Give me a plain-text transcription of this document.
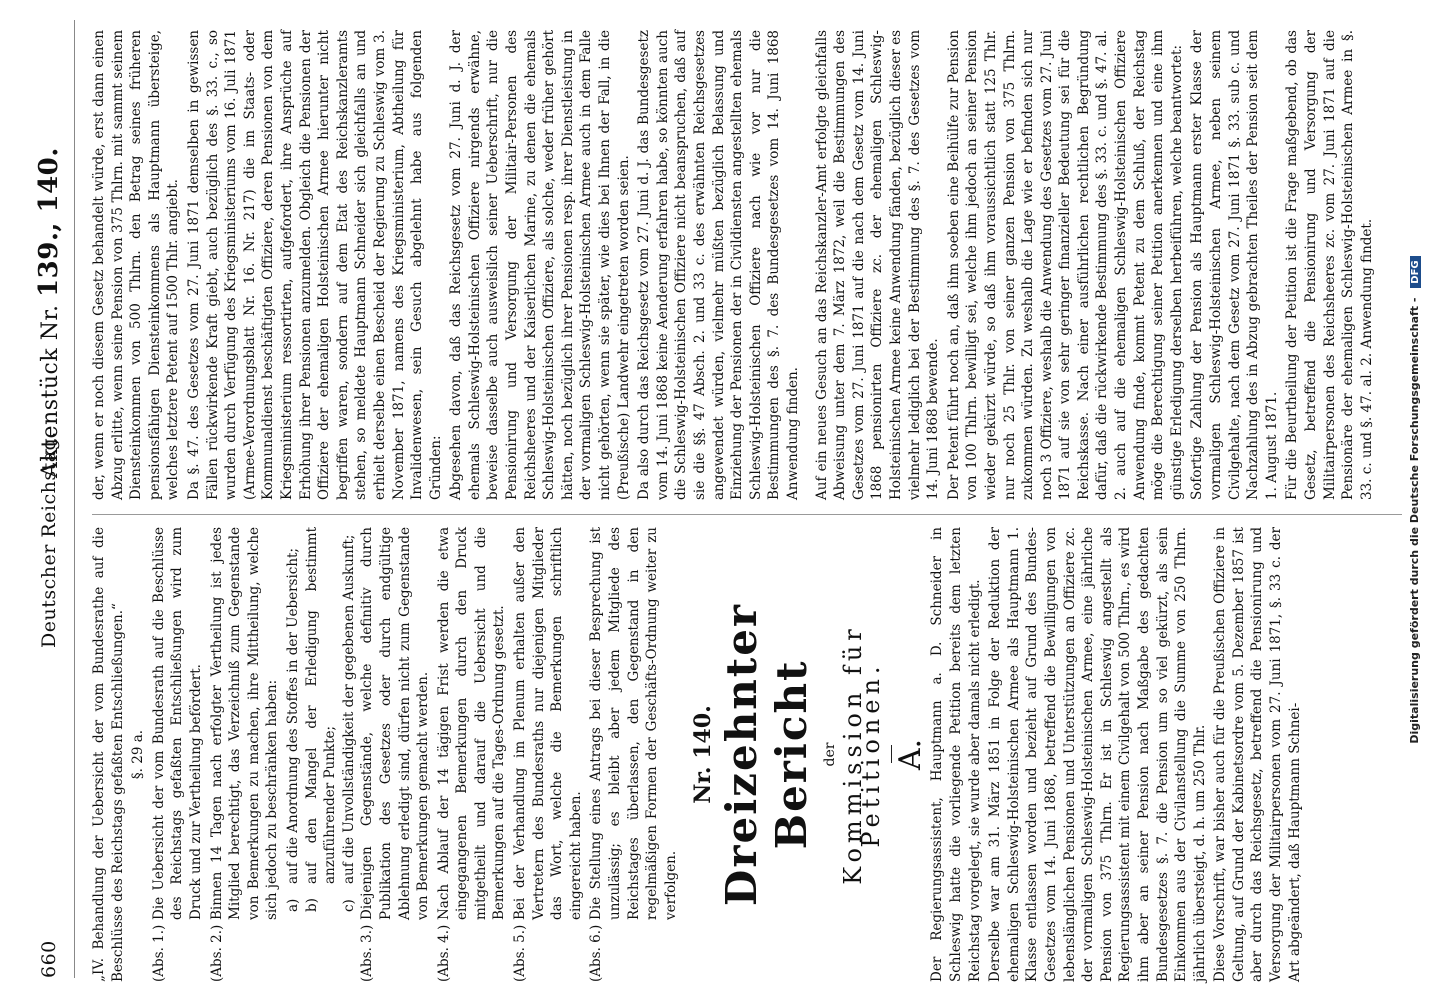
660
Deutscher Reichstag.
Aktenstück Nr. 139., 140.

„IV. Behandlung der Uebersicht der vom Bundesrathe auf die Beschlüsse des Reichstags gefaßten Entschließungen.“ §. 29 a.

(Abs. 1.)
Die Uebersicht der vom Bundesrath auf die Beschlüsse des Reichstags gefaßten Entschließungen wird zum Druck und zur Vertheilung befördert.
(Abs. 2.)
Binnen 14 Tagen nach erfolgter Vertheilung ist jedes Mitglied berechtigt, das Verzeichniß zum Gegenstande von Bemerkungen zu machen, ihre Mittheilung, welche sich jedoch zu beschränken haben: a)
auf die Anordnung des Stoffes in der Uebersicht;
b)
auf den Mangel der Erledigung bestimmt anzuführender Punkte;
c)
auf die Unvollständigkeit der gegebenen Auskunft;
(Abs. 3.)
Diejenigen Gegenstände, welche definitiv durch Publikation des Gesetzes oder durch endgültige Ablehnung erledigt sind, dürfen nicht zum Gegenstande von Bemerkungen gemacht werden.
(Abs. 4.)
Nach Ablauf der 14 tägigen Frist werden die etwa eingegangenen Bemerkungen durch den Druck mitgetheilt und darauf die Uebersicht und die Bemerkungen auf die Tages-Ordnung gesetzt.
(Abs. 5.)
Bei der Verhandlung im Plenum erhalten außer den Vertretern des Bundesraths nur diejenigen Mitglieder das Wort, welche die Bemerkungen schriftlich eingereicht haben.
(Abs. 6.)
Die Stellung eines Antrags bei dieser Besprechung ist unzulässig; es bleibt aber jedem Mitgliede des Reichstages überlassen, den Gegenstand in den regelmäßigen Formen der Geschäfts-Ordnung weiter zu verfolgen.
Nr. 140. Dreizehnter Bericht der Kommission für Petitionen. A. Der Regierungsassistent, Hauptmann a. D. Schneider in Schleswig hatte die vorliegende Petition bereits dem letzten Reichstag vorgelegt, sie wurde aber damals nicht erledigt. Derselbe war am 31. März 1851 in Folge der Reduktion der ehemaligen Schleswig-Holsteinischen Armee als Hauptmann 1. Klasse entlassen worden und bezieht auf Grund des Bundes-Gesetzes vom 14. Juni 1868, betreffend die Bewilligungen von lebenslänglichen Pensionen und Unterstützungen an Offiziere zc. der vormaligen Schleswig-Holsteinischen Armee, eine jährliche Pension von 375 Thlrn. Er ist in Schleswig angestellt als Regierungsassistent mit einem Civilgehalt von 500 Thlrn., es wird ihm aber an seiner Pension nach Maßgabe des gedachten Bundesgesetzes §. 7. die Pension um so viel gekürzt, als sein Einkommen aus der Civilanstellung die Summe von 250 Thlrn. jährlich übersteigt, d. h. um 250 Thlr. Diese Vorschrift, war bisher auch für die Preußischen Offiziere in Geltung, auf Grund der Kabinetsordre vom 5. Dezember 1857 ist aber durch das Reichsgesetz, betreffend die Pensionirung und Versorgung der Militairpersonen vom 27. Juni 1871, §. 33 c. der Art abgeändert, daß Hauptmann Schnei-

der, wenn er noch diesem Gesetz behandelt würde, erst dann einen Abzug erlitte, wenn seine Pension von 375 Thlrn. mit sammt seinem Diensteinkommen von 500 Thlrn. den Betrag seines früheren pensionsfähigen Diensteinkommens als Hauptmann übersteige, welches letztere Petent auf 1500 Thlr. angiebt. Da §. 47. des Gesetzes vom 27. Juni 1871 demselben in gewissen Fällen rückwirkende Kraft giebt, auch bezüglich des §. 33. c., so wurden durch Verfügung des Kriegsministeriums vom 16. Juli 1871 (Armee-Verordnungsblatt Nr. 16. Nr. 217) die im Staats- oder Kommunaldienst beschäftigten Offiziere, deren Pensionen von dem Kriegsministerium ressortirten, aufgefordert, ihre Ansprüche auf Erhöhung ihrer Pensionen anzumelden. Obgleich die Pensionen der Offiziere der ehemaligen Holsteinischen Armee hierunter nicht begriffen waren, sondern auf dem Etat des Reichskanzleramts stehen, so meldete Hauptmann Schneider sich gleichfalls an und erhielt derselbe einen Bescheid der Regierung zu Schleswig vom 3. November 1871, namens des Kriegsministerium, Abtheilung für Invalidenwesen, sein Gesuch abgelehnt habe aus folgenden Gründen: Abgesehen davon, daß das Reichsgesetz vom 27. Juni d. J. der ehemals Schleswig-Holsteinischen Offiziere nirgends erwähne, beweise dasselbe auch ausweislich seiner Ueberschrift, nur die Pensionirung und Versorgung der Militair-Personen des Reichsheeres und der Kaiserlichen Marine, zu denen die ehemals Schleswig-Holsteinischen Offiziere, als solche, weder früher gehört hätten, noch bezüglich ihrer Pensionen resp. ihrer Dienstleistung in der vormaligen Schleswig-Holsteinischen Armee auch in dem Falle nicht gehörten, wenn sie später, wie dies bei Ihnen der Fall, in die (Preußische) Landwehr eingetreten worden seien. Da also durch das Reichsgesetz vom 27. Juni d. J. das Bundesgesetz vom 14. Juni 1868 keine Aenderung erfahren habe, so könnten auch die Schleswig-Holsteinischen Offiziere nicht beanspruchen, daß auf sie die §§. 47 Absch. 2. und 33 c. des erwähnten Reichsgesetzes angewendet würden, vielmehr müßten bezüglich Belassung und Einziehung der Pensionen der in Civildiensten angestellten ehemals Schleswig-Holsteinischen Offiziere nach wie vor nur die Bestimmungen des §. 7. des Bundesgesetzes vom 14. Juni 1868 Anwendung finden. Auf ein neues Gesuch an das Reichskanzler-Amt erfolgte gleichfalls Abweisung unter dem 7. März 1872, weil die Bestimmungen des Gesetzes vom 27. Juni 1871 auf die nach dem Gesetz vom 14. Juni 1868 pensionirten Offiziere zc. der ehemaligen Schleswig-Holsteinischen Armee keine Anwendung fänden, bezüglich dieser es vielmehr lediglich bei der Bestimmung des §. 7. des Gesetzes vom 14. Juni 1868 bewende. Der Petent führt noch an, daß ihm soeben eine Beihülfe zur Pension von 100 Thlrn. bewilligt sei, welche ihm jedoch an seiner Pension wieder gekürzt würde, so daß ihm voraussichtlich statt 125 Thlr. nur noch 25 Thlr. von seiner ganzen Pension von 375 Thlrn. zukommen würden. Zu weshalb die Lage wie er befinden sich nur noch 3 Offiziere, weshalb die Anwendung des Gesetzes vom 27. Juni 1871 auf sie von sehr geringer finanzieller Bedeutung sei für die Reichskasse. Nach einer ausführlichen rechtlichen Begründung dafür, daß die rückwirkende Bestimmung des §. 33. c. und §. 47. al. 2. auch auf die ehemaligen Schleswig-Holsteinischen Offiziere Anwendung finde, kommt Petent zu dem Schluß, der Reichstag möge die Berechtigung seiner Petition anerkennen und eine ihm günstige Erledigung derselben herbeiführen, welche beantwortet: Sofortige Zahlung der Pension als Hauptmann erster Klasse der vormaligen Schleswig-Holsteinischen Armee, neben seinem Civilgehalte, nach dem Gesetz vom 27. Juni 1871 §. 33. sub c. und Nachzahlung des in Abzug gebrachten Theiles der Pension seit dem 1. August 1871. Für die Beurtheilung der Petition ist die Frage maßgebend, ob das Gesetz, betreffend die Pensionirung und Versorgung der Militairpersonen des Reichsheeres zc. vom 27. Juni 1871 auf die Pensionäre der ehemaligen Schleswig-Holsteinischen Armee in §. 33. c. und §. 47. al. 2. Anwendung findet.	Digitalisierung gefördert durch die Deutsche Forschungsgemeinschaft - DFG
